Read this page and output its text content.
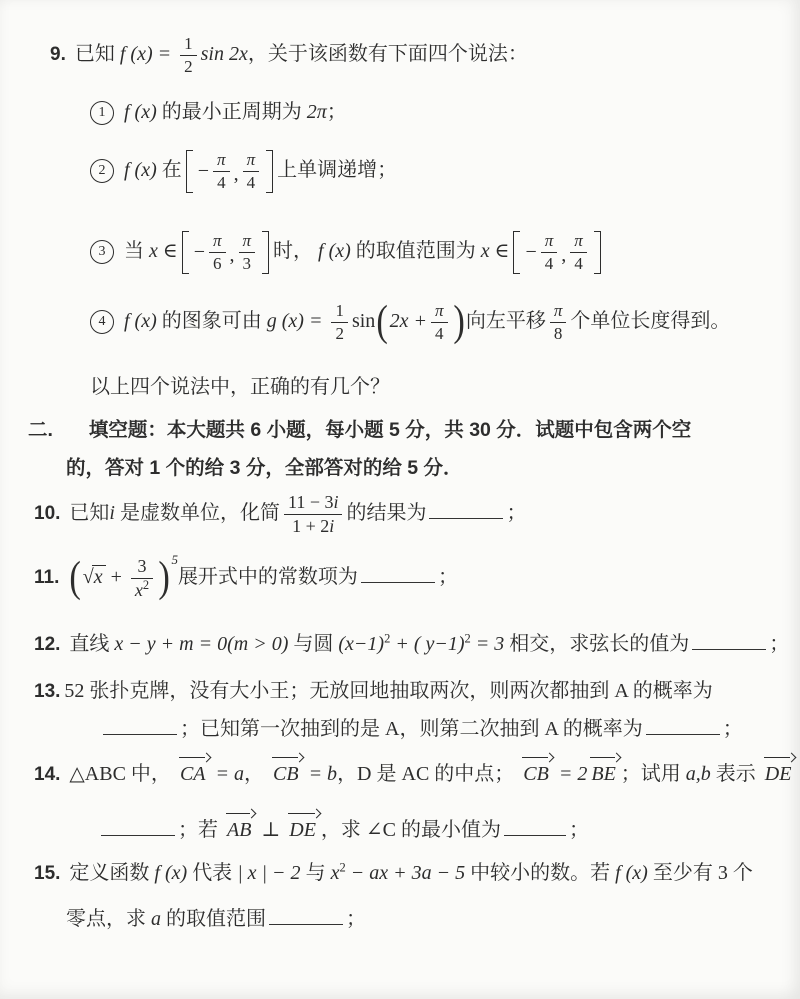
9. 已知 f $(x) = \frac{1}{2}$ sin 2x，关于该函数有下面四个说法：
1 f (x) 的最小正周期为 2π；
2 f (x) 在 − $\frac{\pi}{4}$ , $\frac{\pi}{4}$ 上单调递增；
3 当 x ∈ − $\frac{\pi}{6}$ , $\frac{\pi}{3}$ 时， f (x) 的取值范围为 x ∈ − $\frac{\pi}{4}$ , $\frac{\pi}{4}$
4 f (x) 的图象可由 g $(x) = \frac{1}{2} \sin(2x + \frac{\pi}{4}$ )向左平移 $\frac{\pi}{8}$ 个单位长度得到。
以上四个说法中，正确的有几个？
二. 填空题：本大题共 6 小题，每小题 5 分，共 30 分．试题中包含两个空
的，答对 1 个的给 3 分，全部答对的给 5 分．
10. 已知i 是虚数单位，化简 $\frac{11 - 3i}{1 + 2i}$ 的结果为	；
11. $(√x + \frac{3}{x^2} )^5$展开式中的常数项为	；
12. 直线 x − y + m = 0(m > 0) 与圆 $(x-1)^2$ + ( y−1)$^2$ = 3 相交，求弦长的值为	；
13. 52 张扑克牌，没有大小王；无放回地抽取两次，则两次都抽到 A 的概率为
；已知第一次抽到的是 A，则第二次抽到 A 的概率为	；
14. △ABC 中，
CA = a，
CB = b，D 是 AC 的中点；
CB = 2 BE ；试用 a,b 表示
DE
；若
AB ⊥
DE ，求 ∠C 的最小值为	；
15. 定义函数 f (x) 代表 | x | − 2 与 $x^2$ − ax + 3a − 5 中较小的数。若 f (x) 至少有 3 个
零点，求 a 的取值范围	；
